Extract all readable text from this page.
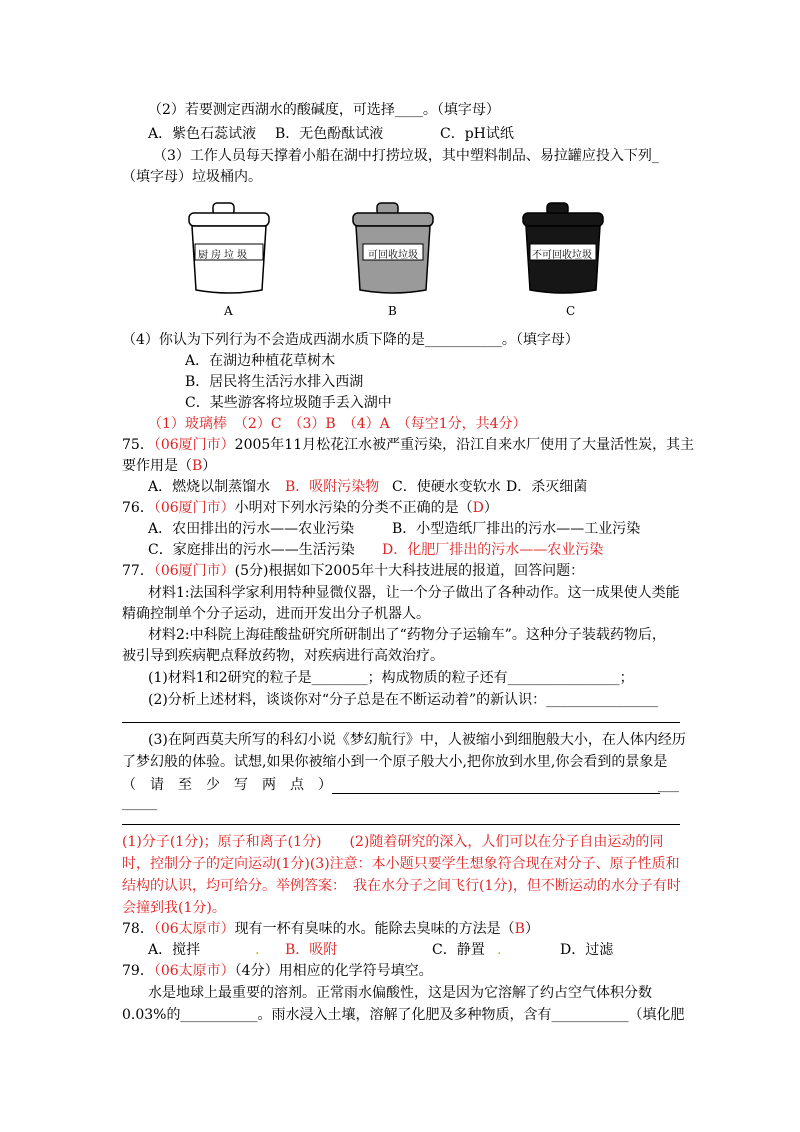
（2）若要测定西湖水的酸碱度，可选择____。（填字母）
A．紫色石蕊试液 B．无色酚酞试液	C．pH试纸
（3）工作人员每天撑着小船在湖中打捞垃圾，其中塑料制品、易拉罐应投入下列_
（填字母）垃圾桶内。
厨房垃圾
A
可回收垃圾
B
不可回收垃圾
C
（4）你认为下列行为不会造成西湖水质下降的是___________。（填字母）
A．在湖边种植花草树木
B．居民将生活污水排入西湖
C．某些游客将垃圾随手丢入湖中
（1）玻璃棒　（2）C　（3）B　（4）A　（每空1分，共4分）
75．（06厦门市）2005年11月松花江水被严重污染，沿江自来水厂使用了大量活性炭，其主
要作用是（B）
A．燃烧以制蒸馏水 B．吸附污染物 C．使硬水变软水 D．杀灭细菌
76．（06厦门市）小明对下列水污染的分类不正确的是（D）
A．农田排出的污水——农业污染	B．小型造纸厂排出的污水——工业污染
C．家庭排出的污水——生活污染 D．化肥厂排出的污水——农业污染
77．（06厦门市）(5分)根据如下2005年十大科技进展的报道，回答问题：
材料1:法国科学家利用特种显微仪器，让一个分子做出了各种动作。这一成果使人类能
精确控制单个分子运动，进而开发出分子机器人。
材料2:中科院上海硅酸盐研究所研制出了“药物分子运输车”。这种分子装载药物后，
被引导到疾病靶点释放药物，对疾病进行高效治疗。
(1)材料1和2研究的粒子是________；构成物质的粒子还有________________；
(2)分析上述材料，谈谈你对“分子总是在不断运动着”的新认识：________________
(3)在阿西莫夫所写的科幻小说《梦幻航行》中，人被缩小到细胞般大小，在人体内经历
了梦幻般的体验。试想,如果你被缩小到一个原子般大小,把你放到水里,你会看到的景象是
（请至少写两点）	___
_____
(1)分子(1分)；原子和离子(1分)　　(2)随着研究的深入，人们可以在分子自由运动的同
时，控制分子的定向运动(1分)(3)注意：本小题只要学生想象符合现在对分子、原子性质和
结构的认识，均可给分。举例答案：　我在水分子之间飞行(1分)，但不断运动的水分子有时
会撞到我(1分)。
78．（06太原市）现有一杯有臭味的水。能除去臭味的方法是（B）
A．搅拌	. B．吸附	C．静置 .	D．过滤
79．（06太原市）（4分）用相应的化学符号填空。
水是地球上最重要的溶剂。正常雨水偏酸性，这是因为它溶解了约占空气体积分数
0.03%的___________。雨水浸入土壤，溶解了化肥及多种物质，含有___________（填化肥
